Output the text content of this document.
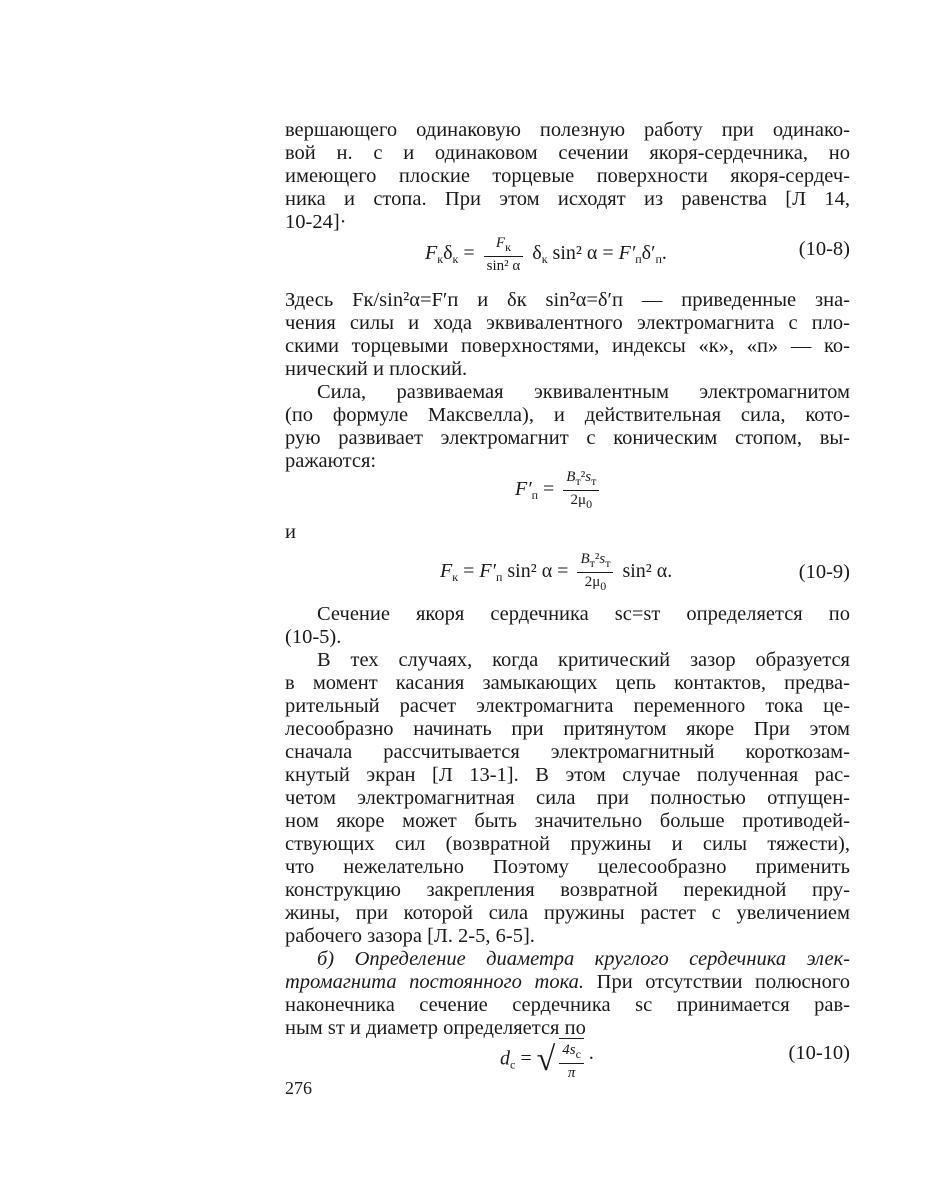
вершающего одинаковую полезную работу при одинако-
вой н. с и одинаковом сечении якоря-сердечника, но
имеющего плоские торцевые поверхности якоря-сердеч-
ника и стопа. При этом исходят из равенства [Л 14,
10-24]·
$F_к\delta_к = \frac{F_к}{\text{sin² α}} \delta_к$ sin² $\alpha = F'_п\delta'_п$.	(10-8)
Здесь Fк/sin²α=F′п и δк sin²α=δ′п — приведенные зна-
чения силы и хода эквивалентного электромагнита с пло-
скими торцевыми поверхностями, индексы «к», «п» — ко-
нический и плоский.
Сила, развиваемая эквивалентным электромагнитом
(по формуле Максвелла), и действительная сила, кото-
рую развивает электромагнит с коническим стопом, вы-
ражаются:
$F'_п = \frac{B_т^2s_т}{2\mu_0}$
и
$F_к = F'_п$ sin² $\alpha = \frac{B_т^2s_т}{2\mu_0} \sin^2$ α.	(10-9)
Сечение якоря сердечника sc=sт определяется по
(10-5).
В тех случаях, когда критический зазор образуется
в момент касания замыкающих цепь контактов, предва-
рительный расчет электромагнита переменного тока це-
лесообразно начинать при притянутом якоре При этом
сначала рассчитывается электромагнитный короткозам-
кнутый экран [Л 13-1]. В этом случае полученная рас-
четом электромагнитная сила при полностью отпущен-
ном якоре может быть значительно больше противодей-
ствующих сил (возвратной пружины и силы тяжести),
что нежелательно Поэтому целесообразно применить
конструкцию закрепления возвратной перекидной пру-
жины, при которой сила пружины растет с увеличением
рабочего зазора [Л. 2-5, 6-5].
б) Определение диаметра круглого сердечника элек-
тромагнита постоянного тока. При отсутствии полюсного
наконечника сечение сердечника sc принимается рав-
ным sт и диаметр определяется по
$d_c$ = √ $\frac{4s_c}{\pi}$ ·	(10-10)
276
